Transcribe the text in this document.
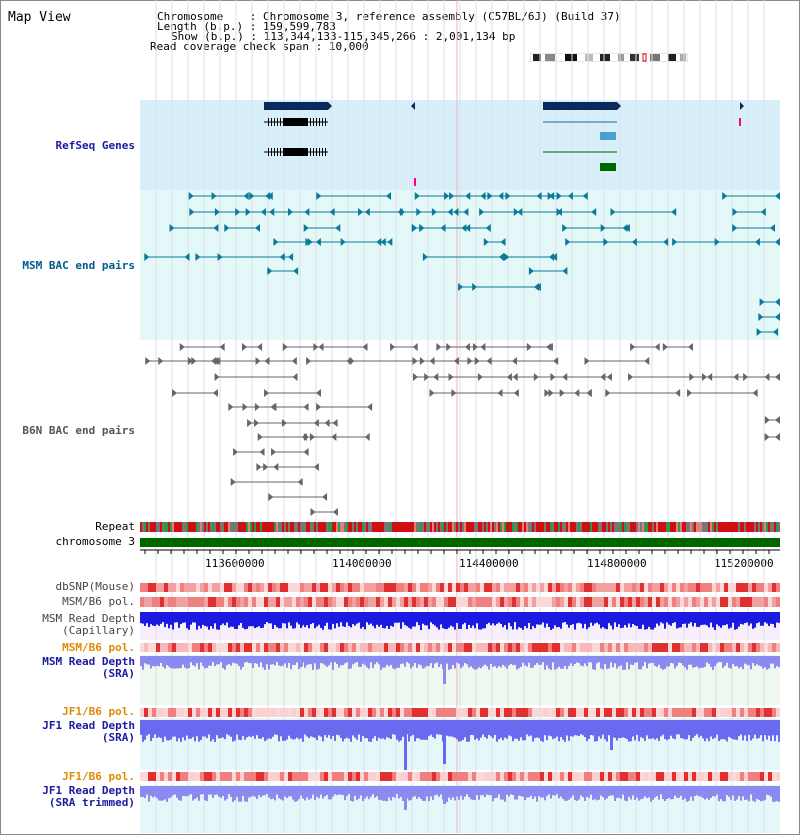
Map View	Chromosome    : Chromosome 3, reference assembly (C57BL/6J) (Build 37)
Length (b.p.) : 159,599,783
Show (b.p.) : 113,344,133-115,345,266 : 2,001,134 bp
Read coverage check span : 10,000
RefSeq Genes
MSM BAC end pairs
B6N BAC end pairs
Repeat
chromosome 3
dbSNP(Mouse)
MSM/B6 pol.
MSM Read Depth
(Capillary)
MSM/B6 pol.
MSM Read Depth
(SRA)
JF1/B6 pol.
JF1 Read Depth
(SRA)
JF1/B6 pol.
JF1 Read Depth
(SRA trimmed)
113600000	114000000	114400000	114800000	115200000
